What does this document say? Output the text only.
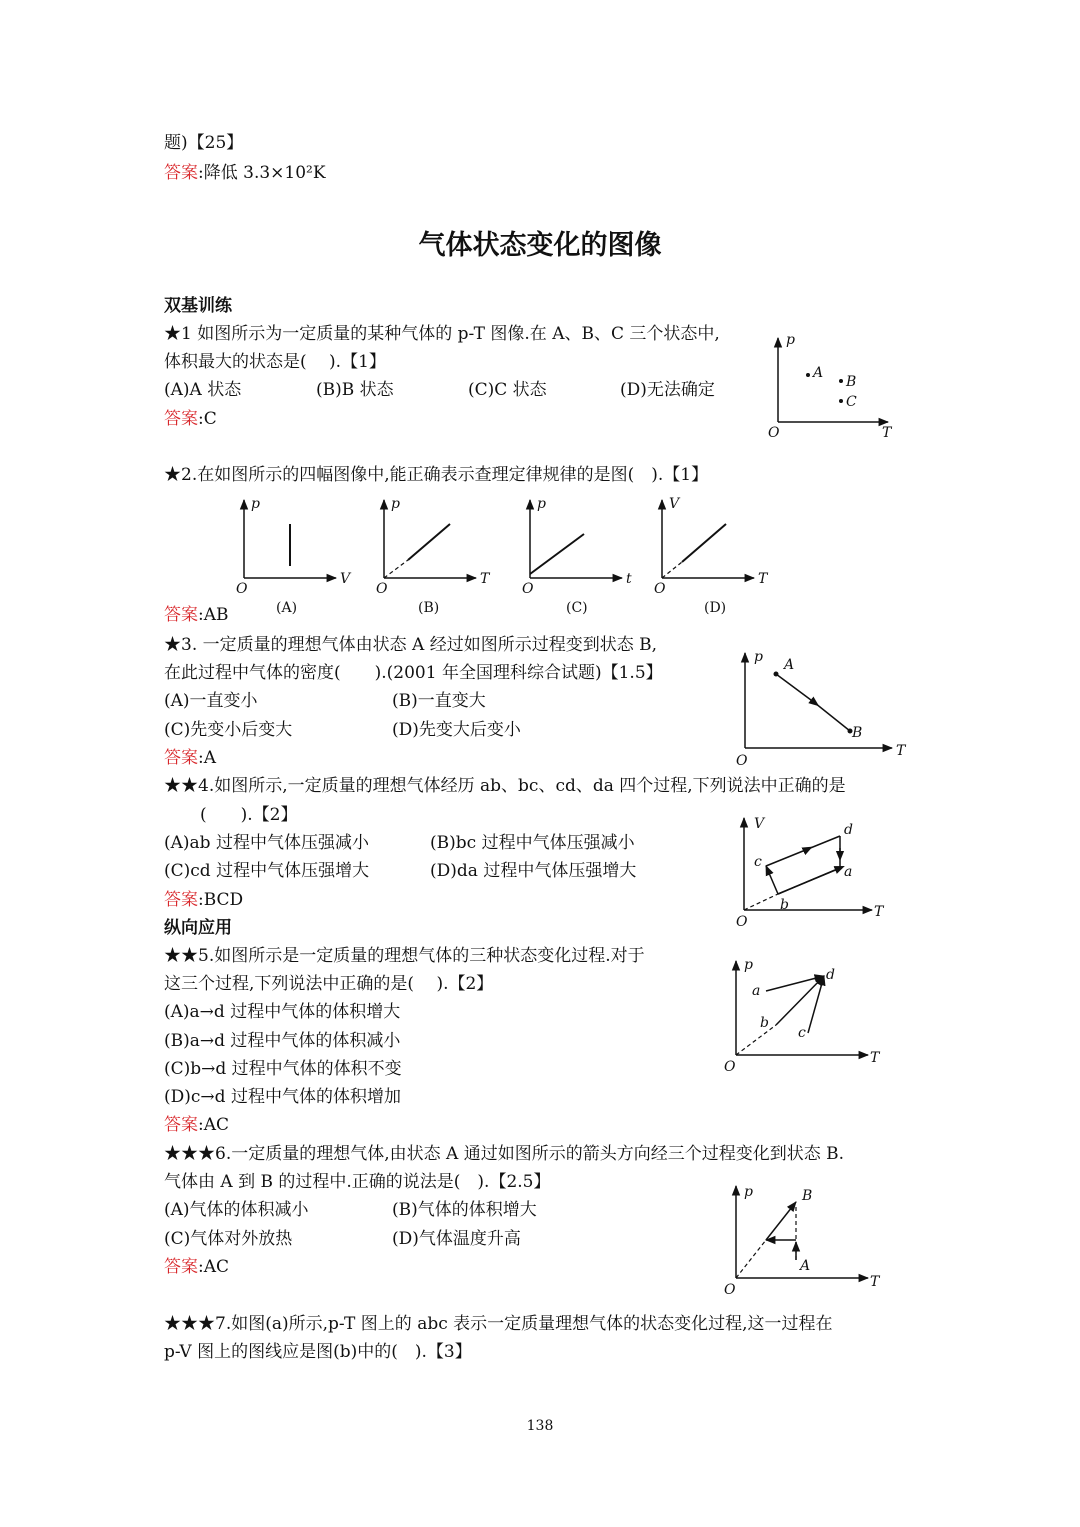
题)【25】
答案:降低 3.3×10²K
气体状态变化的图像
双基训练
★1 如图所示为一定质量的某种气体的 p-T 图像.在 A、B、C 三个状态中,
体积最大的状态是(　 ).【1】
(A)A 状态	(B)B 状态	(C)C 状态	(D)无法确定
答案:C
p
T
O
A
B
C
★2.在如图所示的四幅图像中,能正确表示查理定律规律的是图(　).【1】
p
V
O
(A)
p
T
O
(B)
p
t
O
(C)
V
T
O
(D)
答案:AB
★3. 一定质量的理想气体由状态 A 经过如图所示过程变到状态 B,
在此过程中气体的密度(　　).(2001 年全国理科综合试题)【1.5】
(A)一直变小	(B)一直变大
(C)先变小后变大	(D)先变大后变小
答案:A
p
T
O
A
B
★★4.如图所示,一定质量的理想气体经历 ab、bc、cd、da 四个过程,下列说法中正确的是
(　　).【2】
(A)ab 过程中气体压强减小	(B)bc 过程中气体压强减小
(C)cd 过程中气体压强增大	(D)da 过程中气体压强增大
答案:BCD
V
T
O
a
b
c
d
纵向应用
★★5.如图所示是一定质量的理想气体的三种状态变化过程.对于
这三个过程,下列说法中正确的是(　 ).【2】
(A)a→d 过程中气体的体积增大
(B)a→d 过程中气体的体积减小
(C)b→d 过程中气体的体积不变
(D)c→d 过程中气体的体积增加
答案:AC
p
T
O
a
b
c
d
★★★6.一定质量的理想气体,由状态 A 通过如图所示的箭头方向经三个过程变化到状态 B.
气体由 A 到 B 的过程中.正确的说法是(　).【2.5】
(A)气体的体积减小	(B)气体的体积增大
(C)气体对外放热	(D)气体温度升高
答案:AC
p
T
O
A
B
★★★7.如图(a)所示,p-T 图上的 abc 表示一定质量理想气体的状态变化过程,这一过程在
p-V 图上的图线应是图(b)中的(　).【3】
138
